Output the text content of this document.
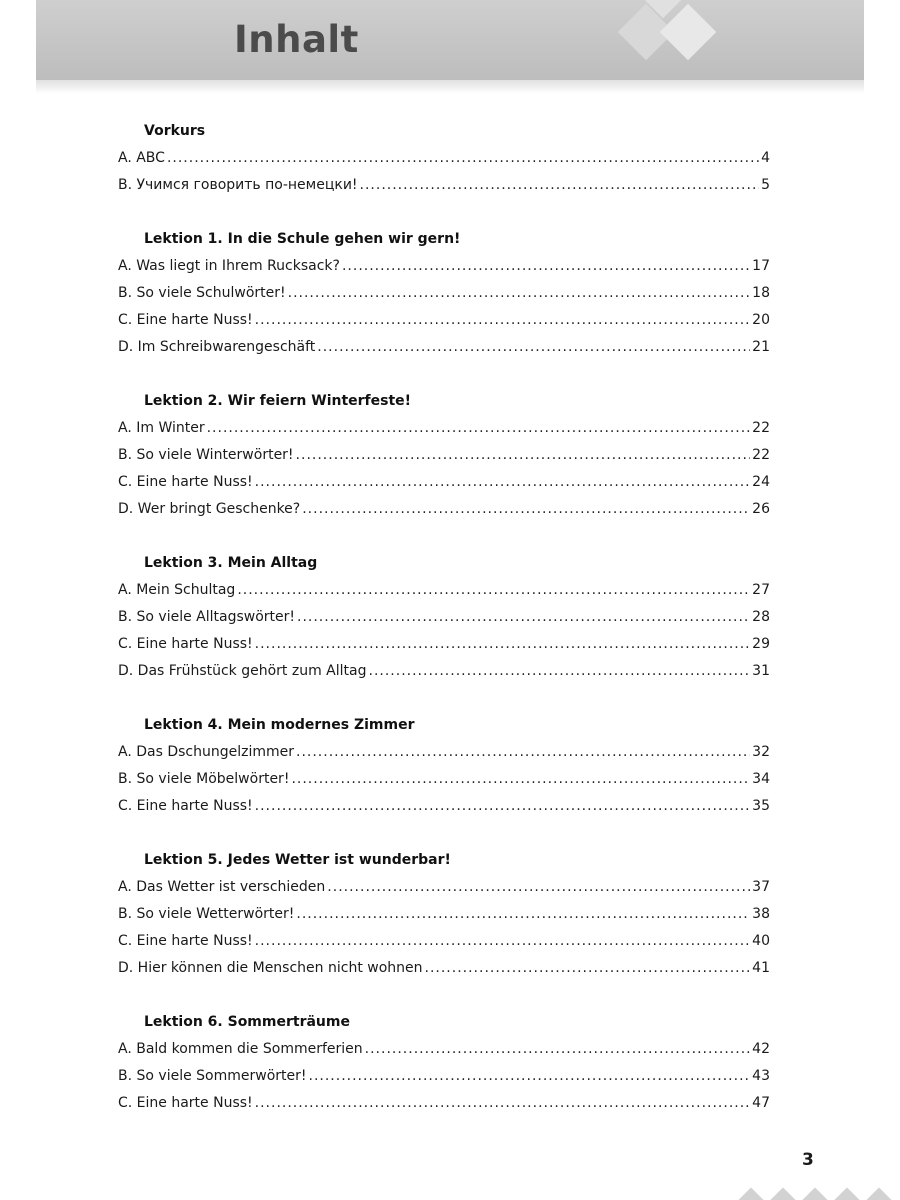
Inhalt
Vorkurs
A. ABC .....	4
B. Учимся говорить по-немецки! .....	5
Lektion 1. In die Schule gehen wir gern!
A. Was liegt in Ihrem Rucksack? .....	17
B. So viele Schulwörter! .....	18
C. Eine harte Nuss! .....	20
D. Im Schreibwarengeschäft .....	21
Lektion 2. Wir feiern Winterfeste!
A. Im Winter .....	22
B. So viele Winterwörter! .....	22
C. Eine harte Nuss! .....	24
D. Wer bringt Geschenke? .....	26
Lektion 3. Mein Alltag
A. Mein Schultag .....	27
B. So viele Alltagswörter! .....	28
C. Eine harte Nuss! .....	29
D. Das Frühstück gehört zum Alltag .....	31
Lektion 4. Mein modernes Zimmer
A. Das Dschungelzimmer .....	32
B. So viele Möbelwörter! .....	34
C. Eine harte Nuss! .....	35
Lektion 5. Jedes Wetter ist wunderbar!
A. Das Wetter ist verschieden .....	37
B. So viele Wetterwörter! .....	38
C. Eine harte Nuss! .....	40
D. Hier können die Menschen nicht wohnen .....	41
Lektion 6. Sommerträume
A. Bald kommen die Sommerferien .....	42
B. So viele Sommerwörter! .....	43
C. Eine harte Nuss! .....	47
3
